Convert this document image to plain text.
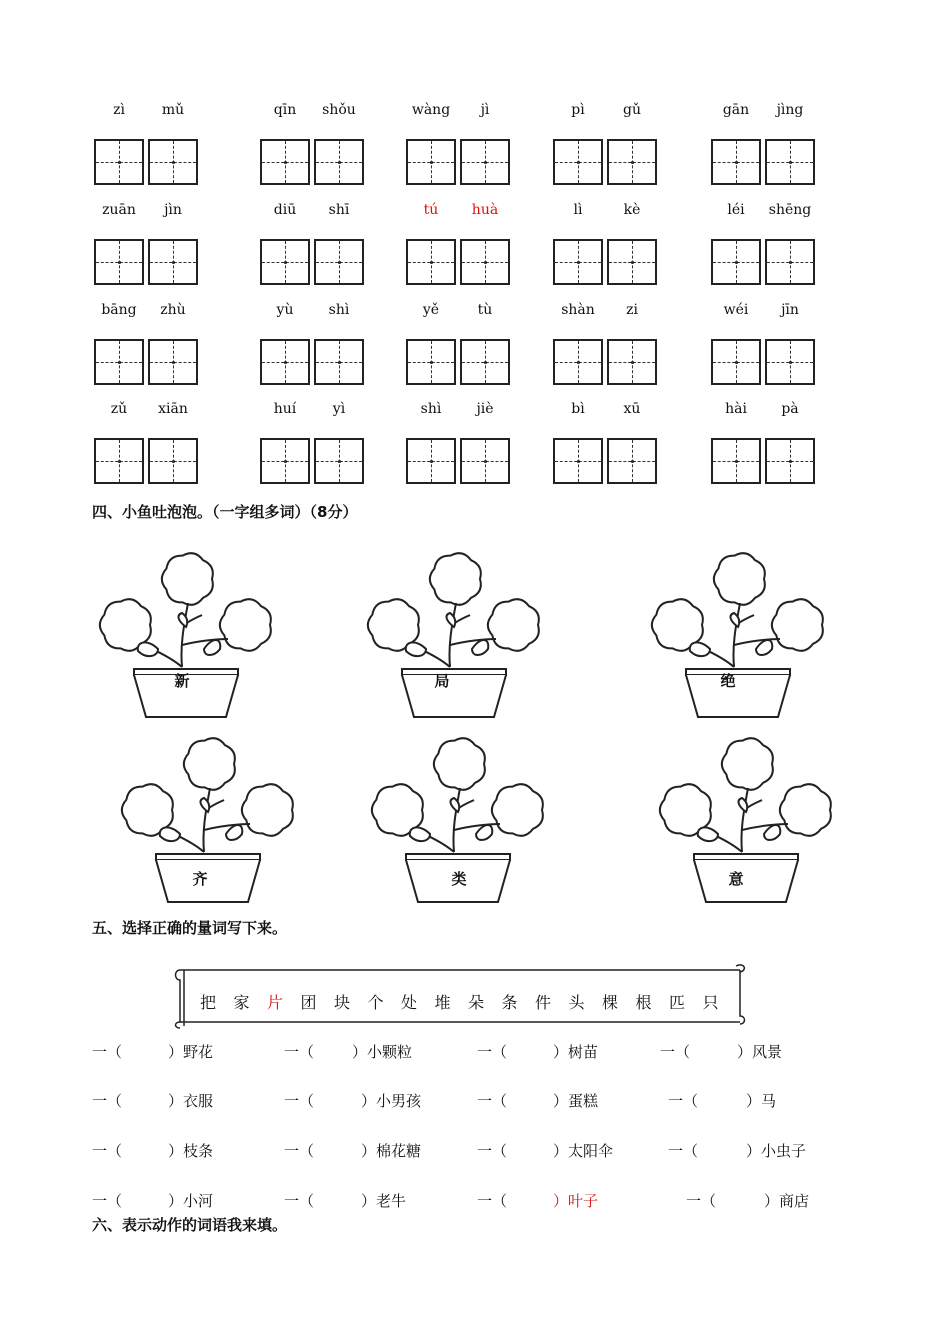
zì	mǔ	qīn	shǒu	wàng	jì	pì	gǔ	gān	jìng
zuān	jìn	diū	shī	tú	huà	lì	kè	léi	shēng
bāng	zhù	yù	shì	yě	tù	shàn	zi	wéi	jīn
zǔ	xiān	huí	yì	shì	jiè	bì	xū	hài	pà
四、小鱼吐泡泡。（一字组多词）（8分）
新	局	绝
齐	类	意
五、选择正确的量词写下来。
把 家 片 团 块 个 处 堆 朵 条 件 头 棵 根 匹 只
一（	）野花	一（	）小颗粒	一（	）树苗	一（	）风景
一（	）衣服	一（	）小男孩	一（	）蛋糕	一（	）马
一（	）枝条	一（	）棉花糖	一（	）太阳伞	一（	）小虫子
一（	）小河	一（	）老牛	一（	）叶子	一（	）商店
六、表示动作的词语我来填。
